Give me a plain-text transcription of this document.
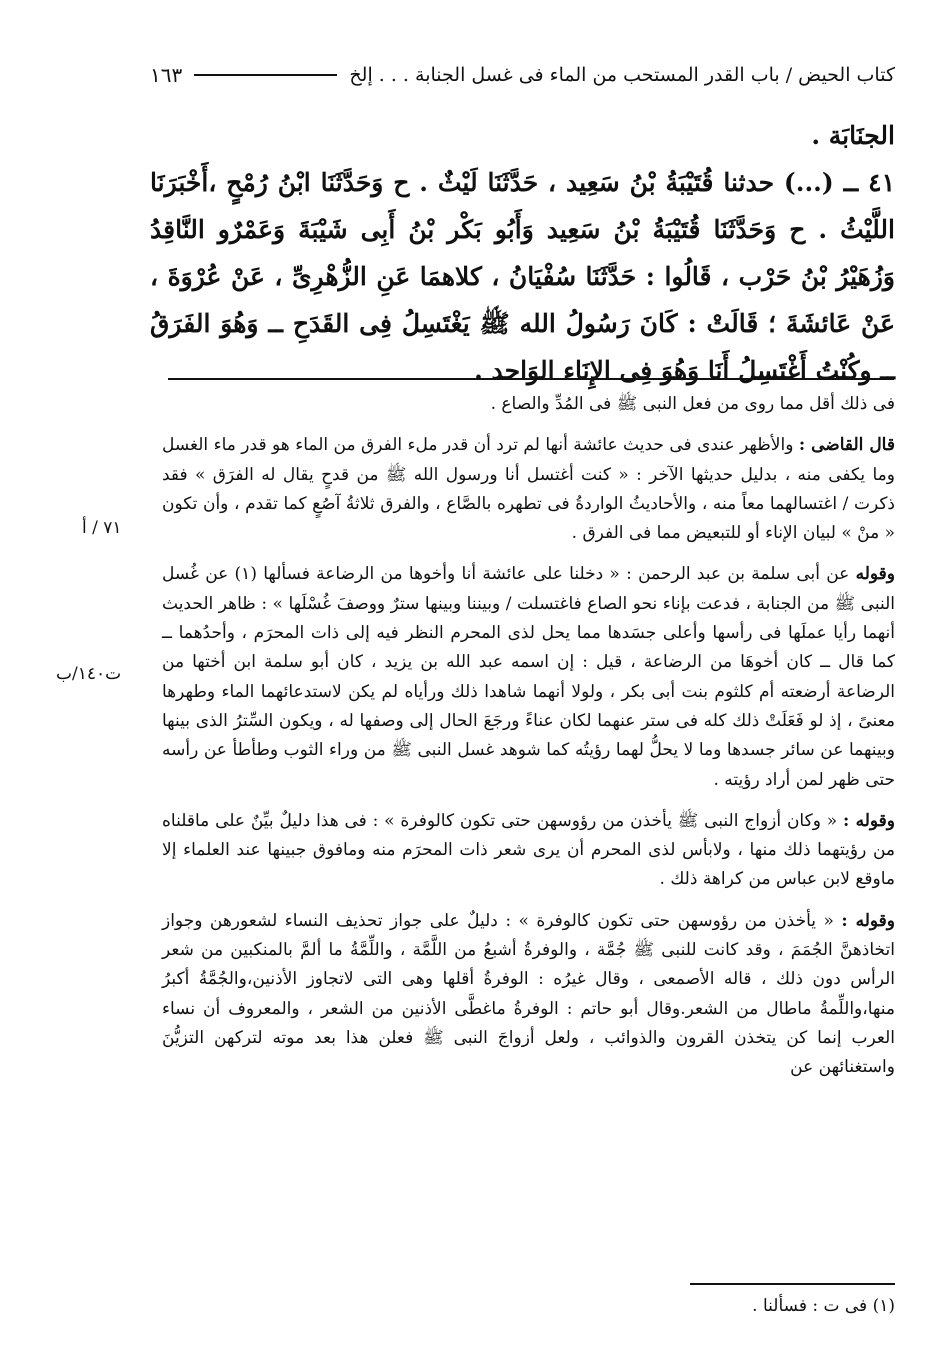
كتاب الحيض / باب القدر المستحب من الماء فى غسل الجنابة . . . إلخ
١٦٣

الجنَابَة .

٤١ ــ (...) حدثنا قُتَيْبَةُ بْنُ سَعِيد ، حَدَّثَنَا لَيْثٌ . ح وَحَدَّثَنَا ابْنُ رُمْحٍ ،أَخْبَرَنَا اللَّيْثُ . ح وَحَدَّثَنَا قُتَيْبَةُ بْنُ سَعِيد وَأَبُو بَكْر بْنُ أَبِى شَيْبَةَ وَعَمْرٌو النَّاقِدُ وَزُهَيْرُ بْنُ حَرْب ، قَالُوا : حَدَّثَنَا سُفْيَانُ ، كلاهمَا عَنِ الزُّهْرِىِّ ، عَنْ عُرْوَةَ ، عَنْ عَائشَةَ ؛ قَالَتْ : كَانَ رَسُولُ الله ﷺ يَغْتَسِلُ فِى القَدَحِ ــ وَهُوَ الفَرَقُ ــ وكُنْتُ أَغْتَسِلُ أَنَا وَهُوَ فِى الإِنَاء الوَاحد .

فى ذلك أقل مما روى من فعل النبى ﷺ فى المُدِّ والصاع .

قال القاضى : والأظهر عندى فى حديث عائشة أنها لم ترد أن قدر ملء الفرق من الماء هو قدر ماء الغسل وما يكفى منه ، بدليل حديثها الآخر : « كنت أغتسل أنا ورسول الله ﷺ من قدحٍ يقال له الفرَق » فقد ذكرت / اغتسالهما معاً منه ، والأحاديثُ الواردةُ فى تطهره بالصَّاع ، والفرق ثلاثةُ آصُعٍ كما تقدم ، وأن تكون « منْ » لبيان الإناء أو للتبعيض مما فى الفرق .

وقوله عن أبى سلمة بن عبد الرحمن : « دخلنا على عائشة أنا وأخوها من الرضاعة فسألها (١) عن غُسل النبى ﷺ من الجنابة ، فدعت بإناء نحو الصاع فاغتسلت / وبيننا وبينها سترٌ ووصفَ غُسْلَها » : ظاهر الحديث أنهما رأيا عملَها فى رأسها وأعلى جسَدها مما يحل لذى المحرم النظر فيه إلى ذات المحرَم ، وأحدُهما ــ كما قال ــ كان أخوهَا من الرضاعة ، قيل : إن اسمه عبد الله بن يزيد ، كان أبو سلمة ابن أختها من الرضاعة أرضعته أم كلثوم بنت أبى بكر ، ولولا أنهما شاهدا ذلك ورأياه لم يكن لاستدعائهما الماء وطهرها معنىً ، إذ لو فَعَلَتْ ذلك كله فى ستر عنهما لكان عناءً ورجَعَ الحال إلى وصفها له ، ويكون السِّترُ الذى بينها وبينهما عن سائر جسدها وما لا يحلُّ لهما رؤيتُه كما شوهد غسل النبى ﷺ من وراء الثوب وطأطأ عن رأسه حتى ظهر لمن أراد رؤيته .

وقوله : « وكان أزواج النبى ﷺ يأخذن من رؤوسهن حتى تكون كالوفرة » : فى هذا دليلٌ بيِّنٌ على ماقلناه من رؤيتهما ذلك منها ، ولابأس لذى المحرم أن يرى شعر ذات المحرَم منه ومافوق جبينها عند العلماء إلا ماوقع لابن عباس من كراهة ذلك .

وقوله : « يأخذن من رؤوسهن حتى تكون كالوفرة » : دليلٌ على جواز تحذيف النساء لشعورهن وجواز اتخاذهنَّ الجُمَمَ ، وقد كانت للنبى ﷺ جُمَّة ، والوفرةُ أشبعُ من اللَّمَّة ، واللِّمَّةُ ما ألمَّ بالمنكبين من شعر الرأس دون ذلك ، قاله الأصمعى ، وقال غيرُه : الوفرةُ أقلها وهى التى لاتجاوز الأذنين،والجُمَّةُ أكبرُ منها،واللِّمةُ ماطال من الشعر.وقال أبو حاتم : الوفرةُ ماغطَّى الأذنين من الشعر ، والمعروف أن نساء العرب إنما كن يتخذن القرون والذوائب ، ولعل أزواجَ النبى ﷺ فعلن هذا بعد موته لتركهن التزيُّنَ واستغنائهن عن

٧١ / أ
ت١٤٠/ب
(١) فى ت : فسألنا .
